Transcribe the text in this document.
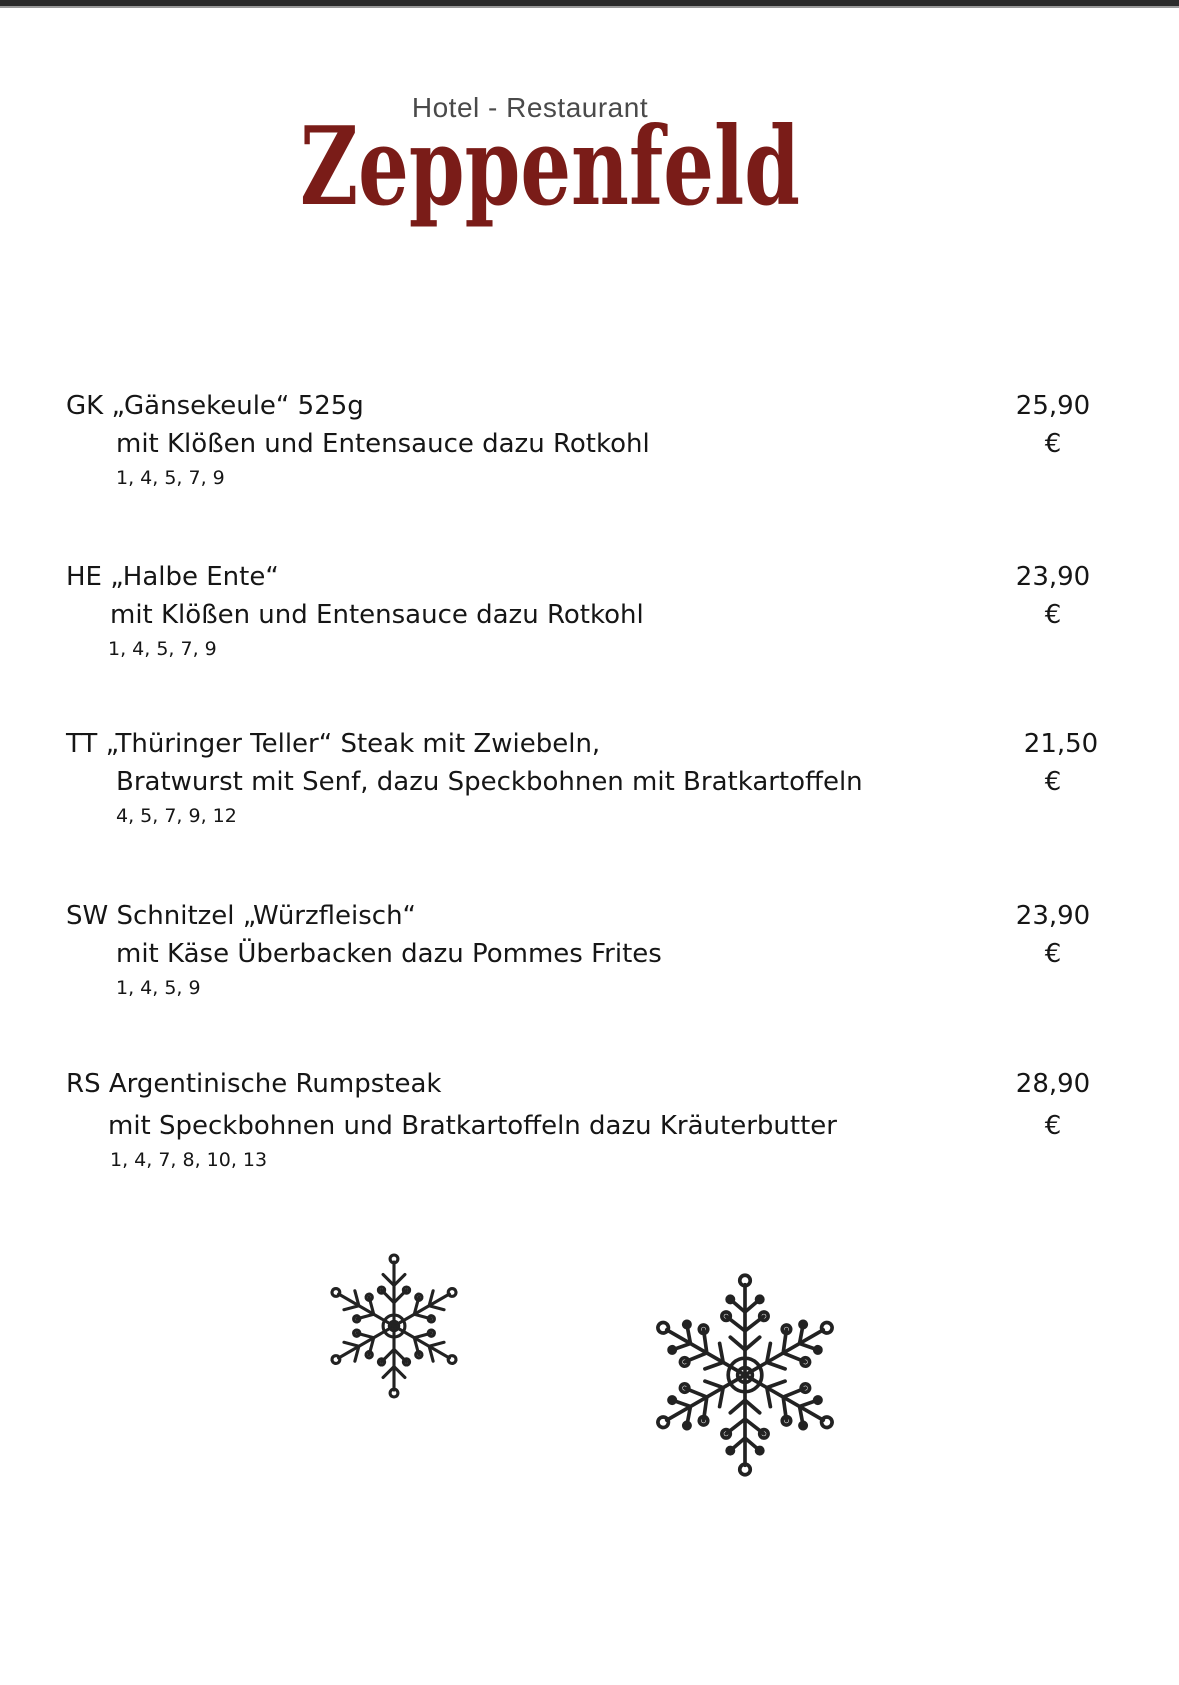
Hotel - Restaurant
Zeppenfeld
GK „Gänsekeule“ 525g
mit Klößen und Entensauce dazu Rotkohl
1, 4, 5, 7, 9
25,90
€
HE „Halbe Ente“
mit Klößen und Entensauce dazu Rotkohl
1, 4, 5, 7, 9
23,90
€
TT „Thüringer Teller“ Steak mit Zwiebeln,
Bratwurst mit Senf, dazu Speckbohnen mit Bratkartoffeln
4, 5, 7, 9, 12
21,50
€
SW Schnitzel „Würzfleisch“
mit Käse Überbacken dazu Pommes Frites
1, 4, 5, 9
23,90
€
RS Argentinische Rumpsteak
mit Speckbohnen und Bratkartoffeln dazu Kräuterbutter
1, 4, 7, 8, 10, 13
28,90
€
